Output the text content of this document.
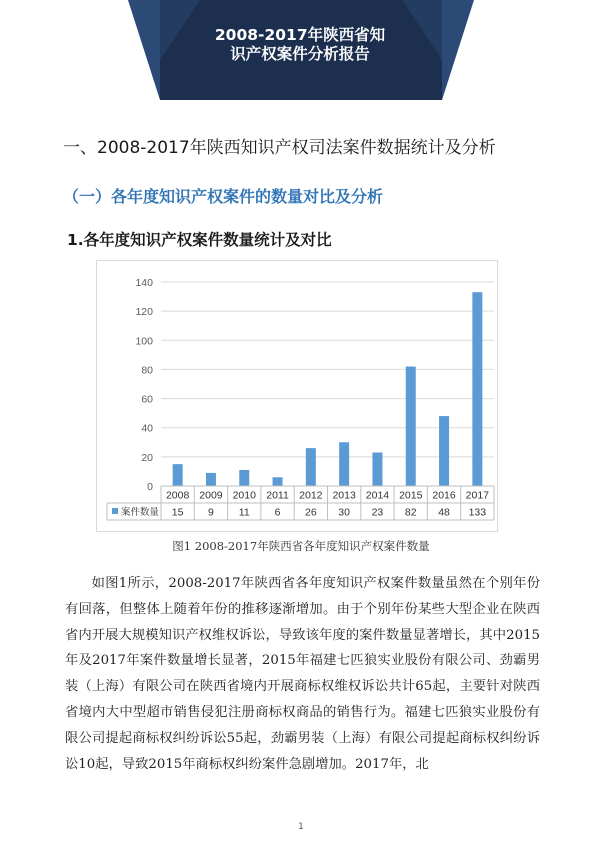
2008-2017年陕西省知
识产权案件分析报告
一、2008-2017年陕西知识产权司法案件数据统计及分析
（一）各年度知识产权案件的数量对比及分析
1.各年度知识产权案件数量统计及对比
0
20
40
60
80
100
120
140
2008 2009 2010 2011 2012 2013 2014 2015 2016 2017
15 9 11 6 26 30 23 82 48 133
案件数量
图1 2008-2017年陕西省各年度知识产权案件数量
如图1所示，2008-2017年陕西省各年度知识产权案件数量虽然在个别年份有回落，但整体上随着年份的推移逐渐增加。由于个别年份某些大型企业在陕西省内开展大规模知识产权维权诉讼，导致该年度的案件数量显著增长，其中2015年及2017年案件数量增长显著，2015年福建七匹狼实业股份有限公司、劲霸男装（上海）有限公司在陕西省境内开展商标权维权诉讼共计65起，主要针对陕西省境内大中型超市销售侵犯注册商标权商品的销售行为。福建七匹狼实业股份有限公司提起商标权纠纷诉讼55起，劲霸男装（上海）有限公司提起商标权纠纷诉讼10起，导致2015年商标权纠纷案件急剧增加。2017年，北
1
